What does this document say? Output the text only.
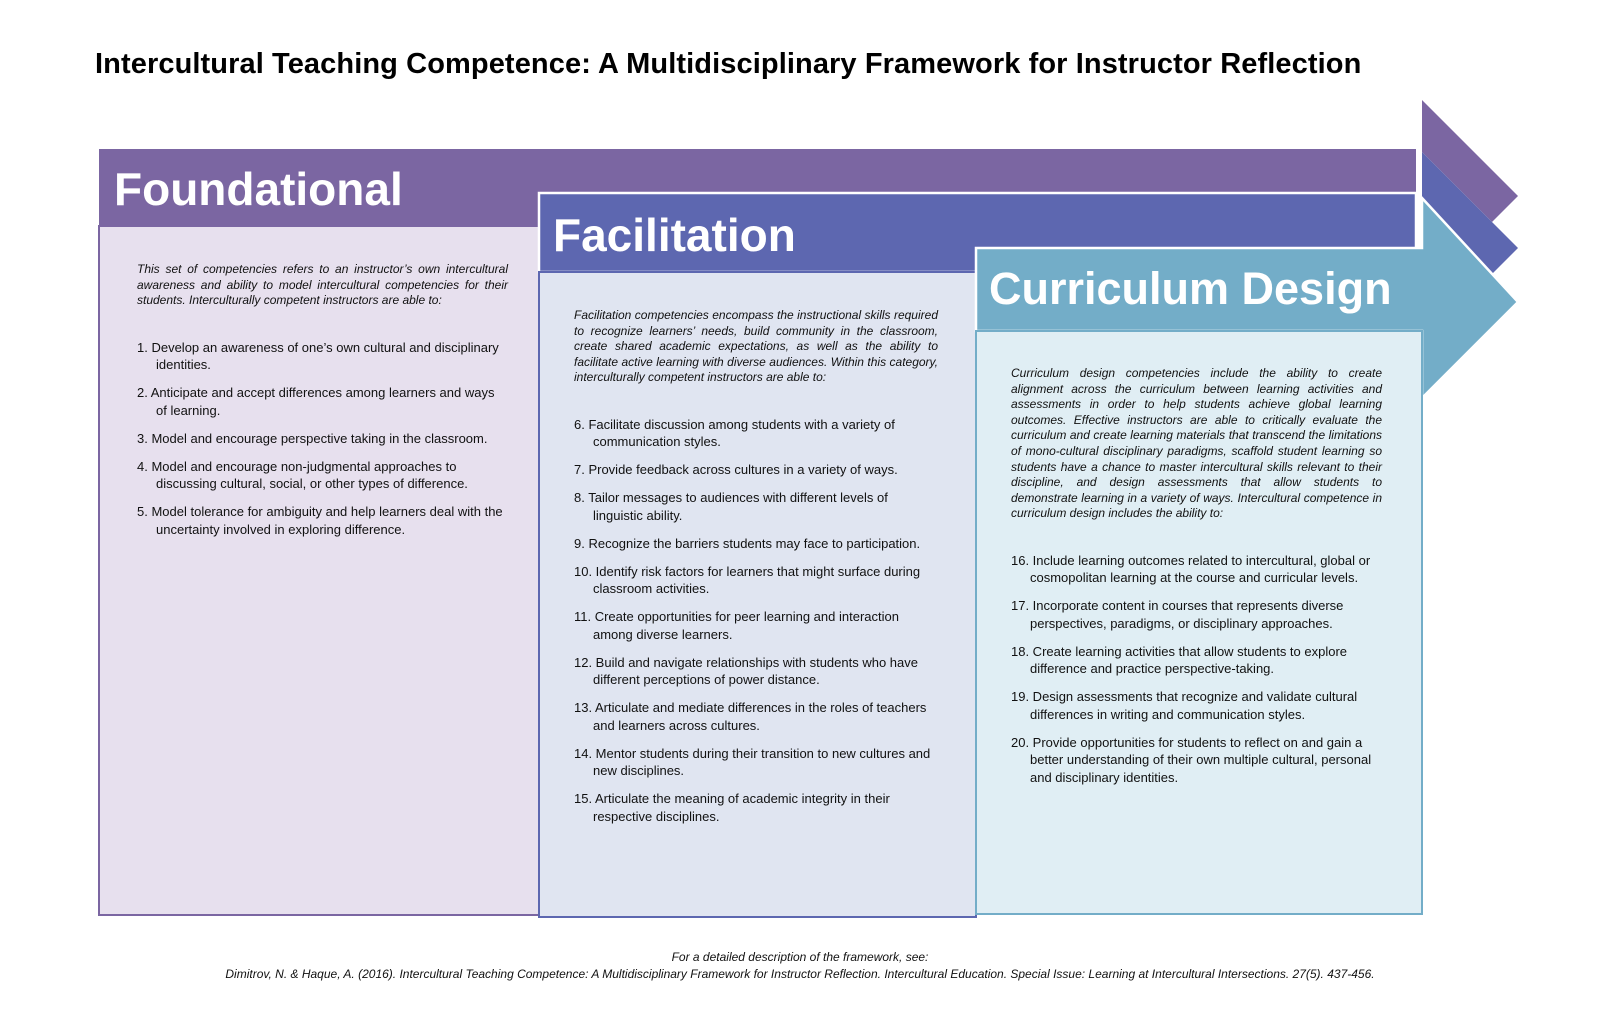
Intercultural Teaching Competence: A Multidisciplinary Framework for Instructor Reflection
Foundational
Facilitation
Curriculum Design

This set of competencies refers to an instructor’s own intercultural awareness and ability to model intercultural competencies for their students. Interculturally competent instructors are able to:

1. Develop an awareness of one’s own cultural and disciplinary identities.
2. Anticipate and accept differences among learners and ways of learning.
3. Model and encourage perspective taking in the classroom.
4. Model and encourage non-judgmental approaches to discussing cultural, social, or other types of difference.
5. Model tolerance for ambiguity and help learners deal with the uncertainty involved in exploring difference.

Facilitation competencies encompass the instructional skills required to recognize learners’ needs, build community in the classroom, create shared academic expectations, as well as the ability to facilitate active learning with diverse audiences. Within this category, interculturally competent instructors are able to:

6. Facilitate discussion among students with a variety of communication styles.
7. Provide feedback across cultures in a variety of ways.
8. Tailor messages to audiences with different levels of linguistic ability.
9. Recognize the barriers students may face to participation.
10. Identify risk factors for learners that might surface during classroom activities.
11. Create opportunities for peer learning and interaction among diverse learners.
12. Build and navigate relationships with students who have different perceptions of power distance.
13. Articulate and mediate differences in the roles of teachers and learners across cultures.
14. Mentor students during their transition to new cultures and new disciplines.
15. Articulate the meaning of academic integrity in their respective disciplines.

Curriculum design competencies include the ability to create alignment across the curriculum between learning activities and assessments in order to help students achieve global learning outcomes. Effective instructors are able to critically evaluate the curriculum and create learning materials that transcend the limitations of mono-cultural disciplinary paradigms, scaffold student learning so students have a chance to master intercultural skills relevant to their discipline, and design assessments that allow students to demonstrate learning in a variety of ways. Intercultural competence in curriculum design includes the ability to:

16. Include learning outcomes related to intercultural, global or cosmopolitan learning at the course and curricular levels.
17. Incorporate content in courses that represents diverse perspectives, paradigms, or disciplinary approaches.
18. Create learning activities that allow students to explore difference and practice perspective-taking.
19. Design assessments that recognize and validate cultural differences in writing and communication styles.
20. Provide opportunities for students to reflect on and gain a better understanding of their own multiple cultural, personal and disciplinary identities.
For a detailed description of the framework, see:
Dimitrov, N. & Haque, A. (2016). Intercultural Teaching Competence: A Multidisciplinary Framework for Instructor Reflection. Intercultural Education. Special Issue: Learning at Intercultural Intersections. 27(5). 437-456.
